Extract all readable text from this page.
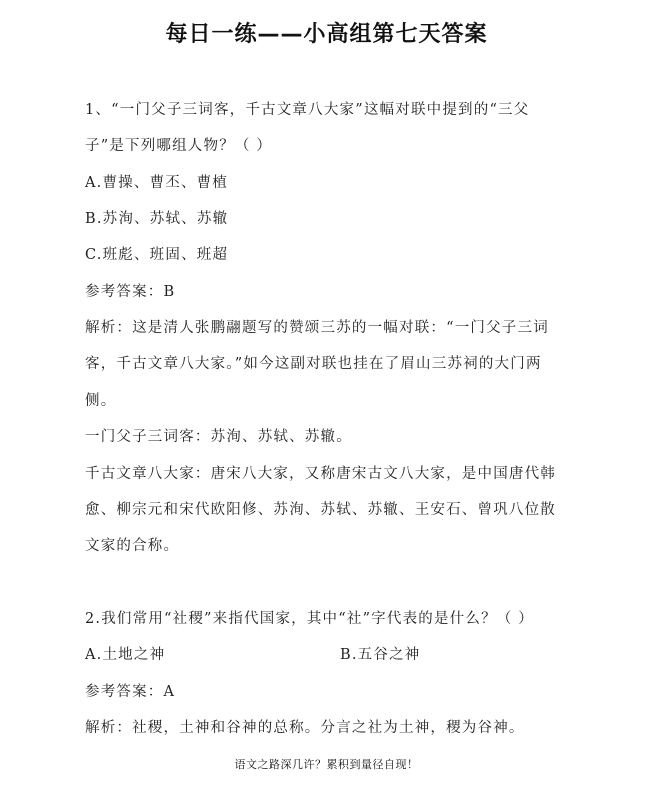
每日一练——小高组第七天答案
1、“一门父子三词客，千古文章八大家”这幅对联中提到的“三父
子”是下列哪组人物？（ ）
A.曹操、曹丕、曹植
B.苏洵、苏轼、苏辙
C.班彪、班固、班超
参考答案：B
解析：这是清人张鹏翮题写的赞颂三苏的一幅对联：“一门父子三词
客，千古文章八大家。”如今这副对联也挂在了眉山三苏祠的大门两
侧。
一门父子三词客：苏洵、苏轼、苏辙。
千古文章八大家：唐宋八大家，又称唐宋古文八大家，是中国唐代韩
愈、柳宗元和宋代欧阳修、苏洵、苏轼、苏辙、王安石、曾巩八位散
文家的合称。
2.我们常用“社稷”来指代国家，其中“社”字代表的是什么？（ ）
A.土地之神	B.五谷之神
参考答案：A
解析：社稷，土神和谷神的总称。分言之社为土神，稷为谷神。
语文之路深几许？累积到量径自现！
